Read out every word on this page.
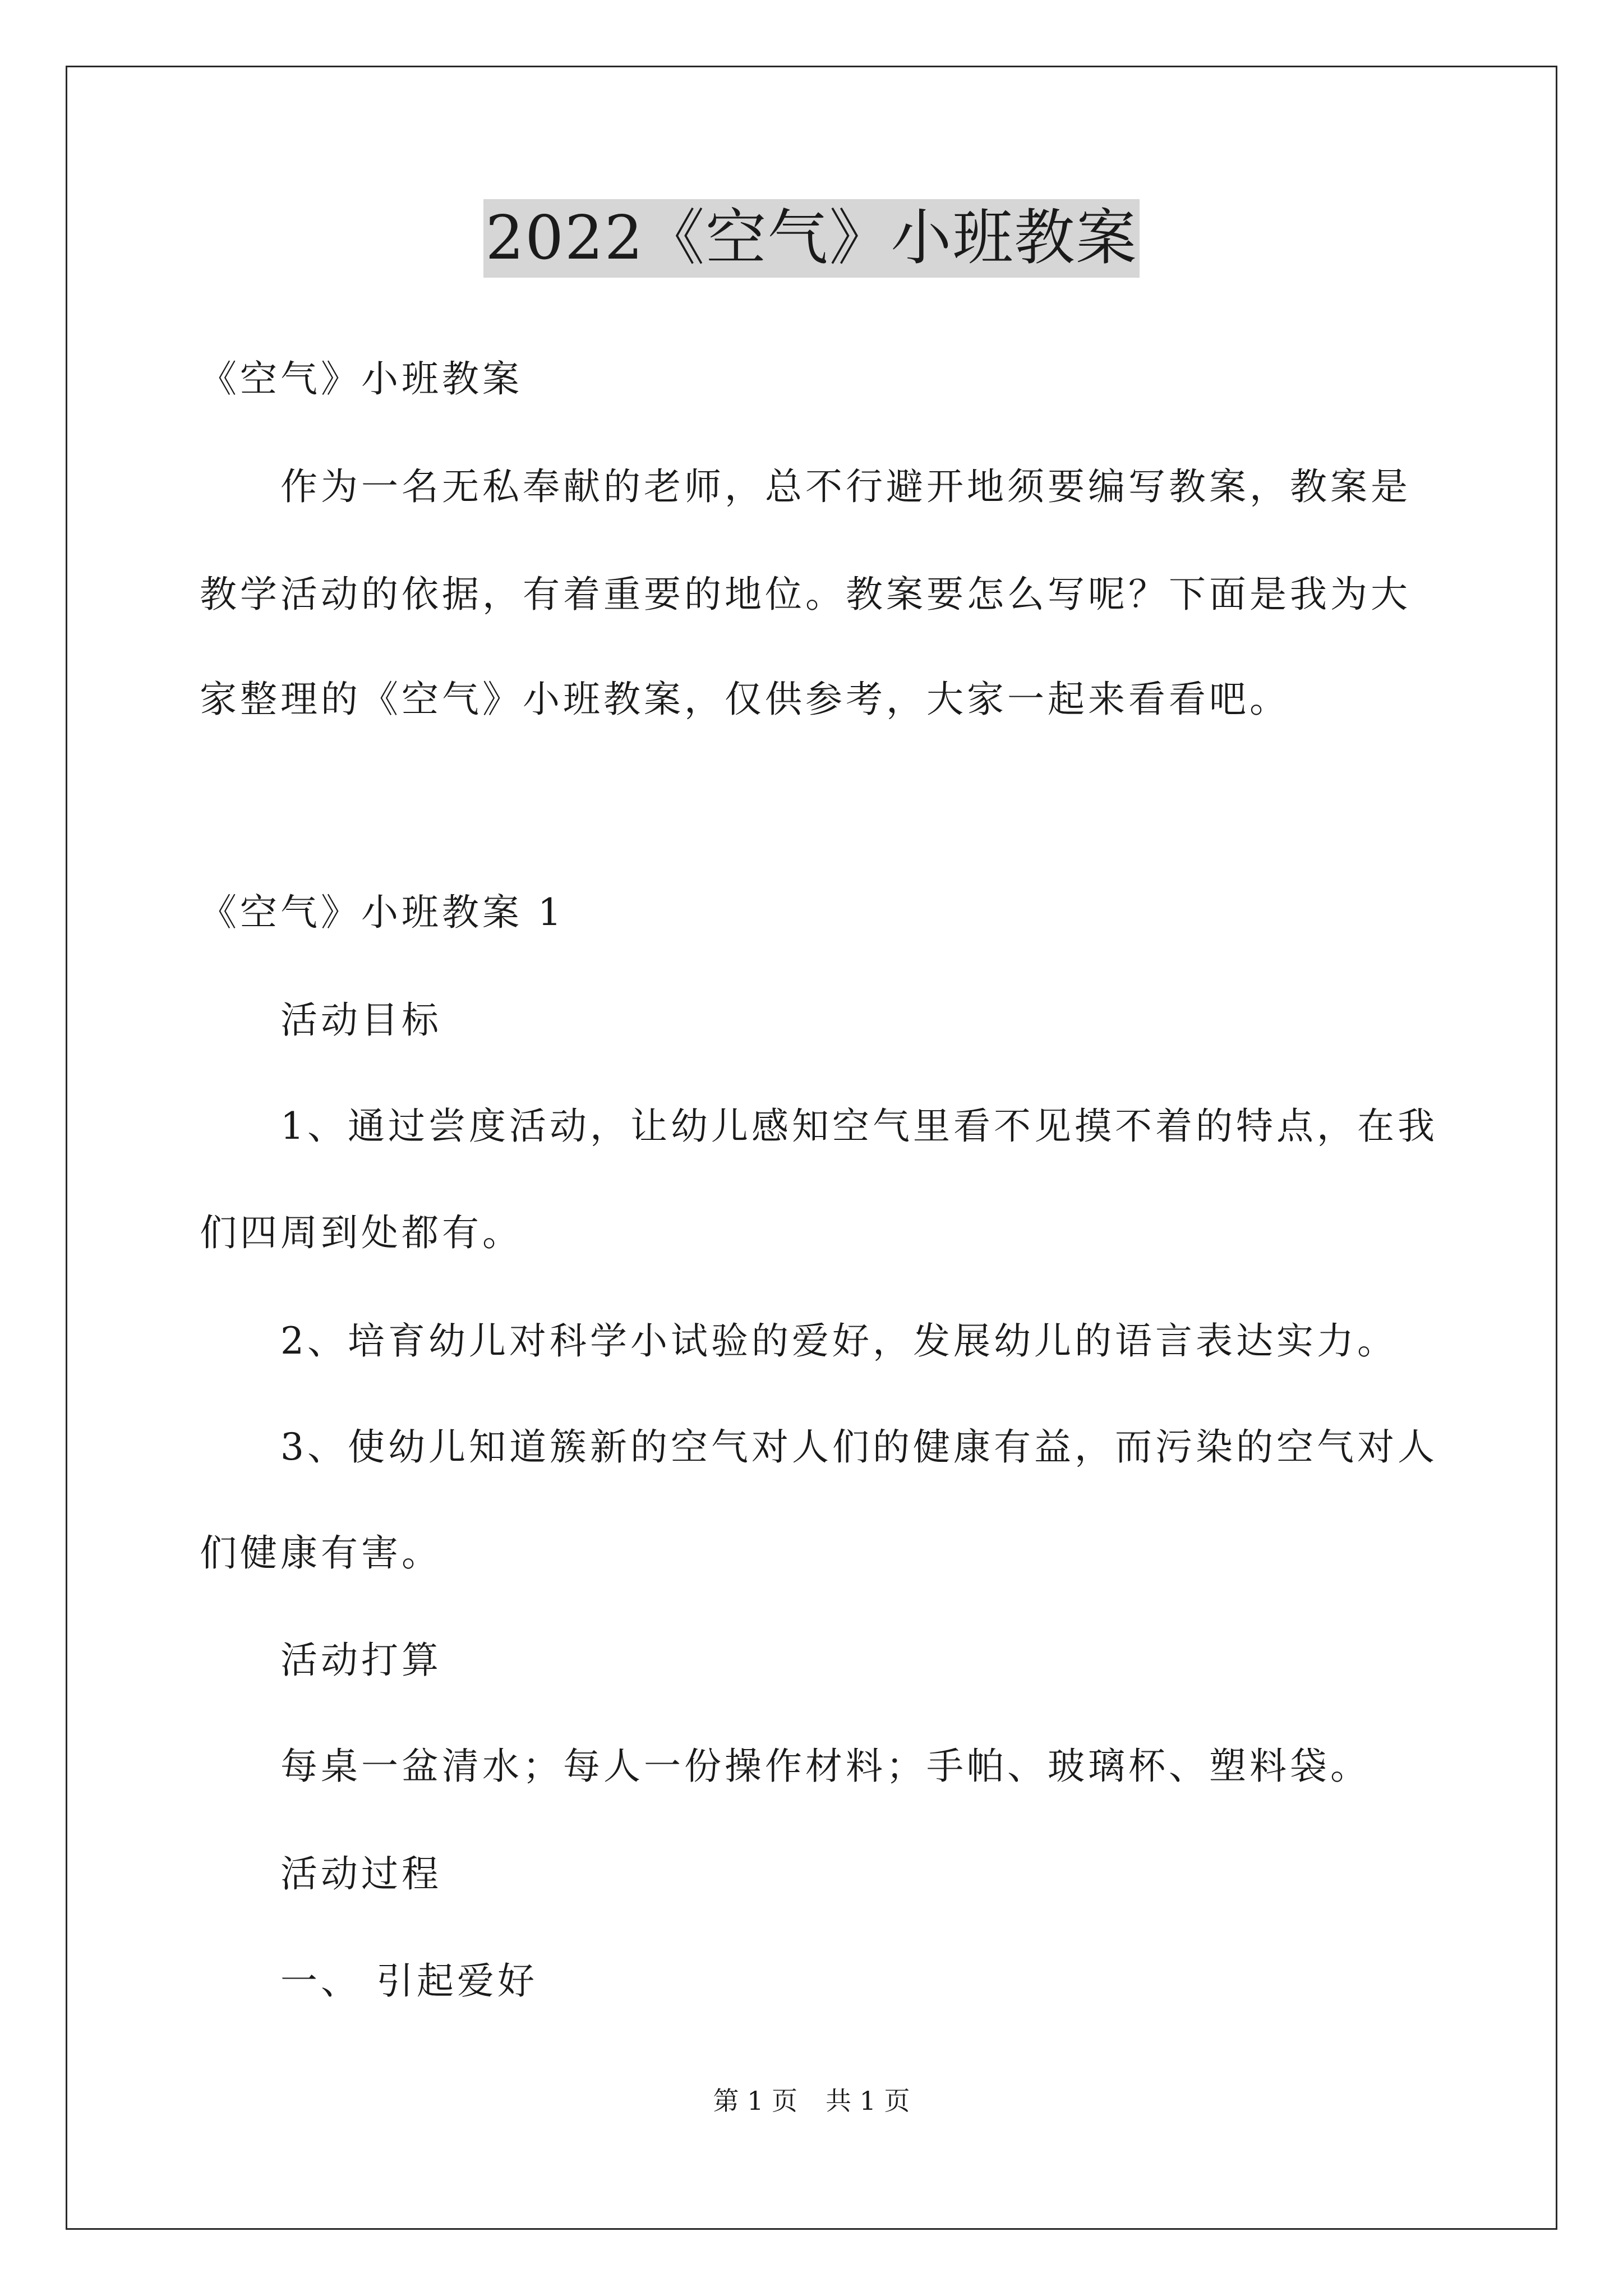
2022《空气》小班教案
《空气》小班教案
作为一名无私奉献的老师，总不行避开地须要编写教案，教案是
教学活动的依据，有着重要的地位。教案要怎么写呢？下面是我为大
家整理的《空气》小班教案，仅供参考，大家一起来看看吧。
《空气》小班教案 1
活动目标
1、通过尝度活动，让幼儿感知空气里看不见摸不着的特点，在我
们四周到处都有。
2、培育幼儿对科学小试验的爱好，发展幼儿的语言表达实力。
3、使幼儿知道簇新的空气对人们的健康有益，而污染的空气对人
们健康有害。
活动打算
每桌一盆清水；每人一份操作材料；手帕、玻璃杯、塑料袋。
活动过程
一、 引起爱好
第 1 页 共 1 页
